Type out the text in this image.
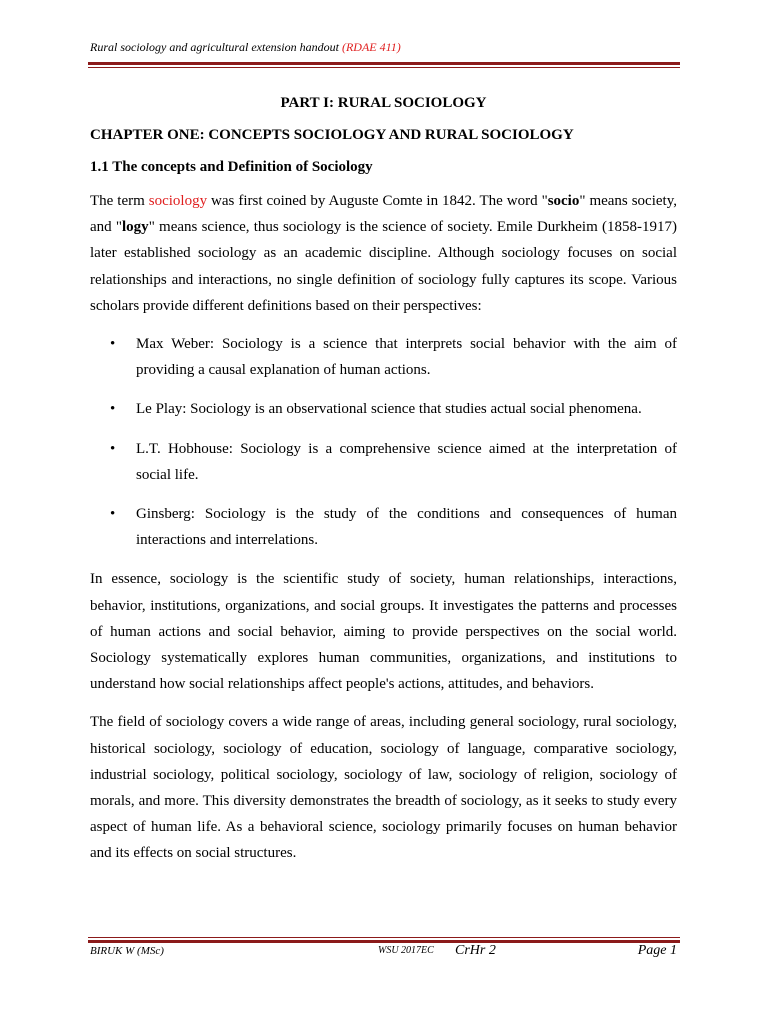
Rural sociology and agricultural extension handout (RDAE 411)
PART I: RURAL SOCIOLOGY
CHAPTER ONE: CONCEPTS SOCIOLOGY AND RURAL SOCIOLOGY
1.1 The concepts and Definition of Sociology

The term sociology was first coined by Auguste Comte in 1842. The word "socio" means society, and "logy" means science, thus sociology is the science of society. Emile Durkheim (1858-1917) later established sociology as an academic discipline. Although sociology focuses on social relationships and interactions, no single definition of sociology fully captures its scope. Various scholars provide different definitions based on their perspectives:

• Max Weber: Sociology is a science that interprets social behavior with the aim of providing a causal explanation of human actions.
• Le Play: Sociology is an observational science that studies actual social phenomena.
• L.T. Hobhouse: Sociology is a comprehensive science aimed at the interpretation of social life.
• Ginsberg: Sociology is the study of the conditions and consequences of human interactions and interrelations.

In essence, sociology is the scientific study of society, human relationships, interactions, behavior, institutions, organizations, and social groups. It investigates the patterns and processes of human actions and social behavior, aiming to provide perspectives on the social world. Sociology systematically explores human communities, organizations, and institutions to understand how social relationships affect people's actions, attitudes, and behaviors.

The field of sociology covers a wide range of areas, including general sociology, rural sociology, historical sociology, sociology of education, sociology of language, comparative sociology, industrial sociology, political sociology, sociology of law, sociology of religion, sociology of morals, and more. This diversity demonstrates the breadth of sociology, as it seeks to study every aspect of human life. As a behavioral science, sociology primarily focuses on human behavior and its effects on social structures.

BIRUK W (MSc)	WSU 2017EC CrHr 2	Page 1
